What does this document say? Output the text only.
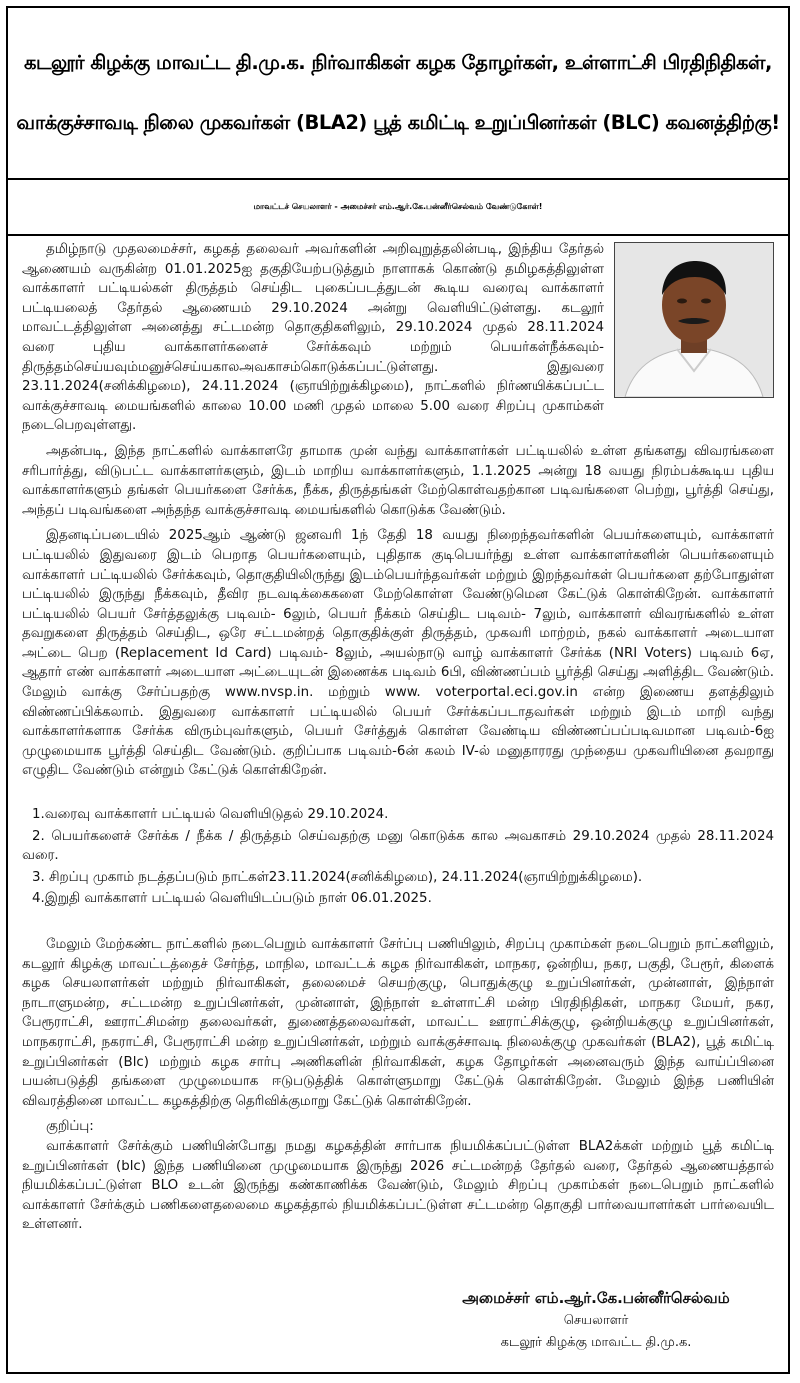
கடலூர் கிழக்கு மாவட்ட தி.மு.க. நிர்வாகிகள் கழக தோழர்கள், உள்ளாட்சி பிரதிநிதிகள்,
வாக்குச்சாவடி நிலை முகவர்கள் (BLA2) பூத் கமிட்டி உறுப்பினர்கள் (BLC) கவனத்திற்கு!
மாவட்டச் செயலாளர் - அமைச்சர் எம்.ஆர்.கே.பன்னீர்செல்வம் வேண்டுகோள்!

தமிழ்நாடு முதலமைச்சர், கழகத் தலைவர் அவர்களின் அறிவுறுத்தலின்படி, இந்திய தேர்தல் ஆணையம் வருகின்ற 01.01.2025ஐ தகுதியேற்படுத்தும் நாளாகக் கொண்டு தமிழகத்திலுள்ள வாக்காளர் பட்டியல்கள் திருத்தம் செய்திட புகைப்படத்துடன் கூடிய வரைவு வாக்காளர் பட்டியலைத் தேர்தல் ஆணையம் 29.10.2024 அன்று வெளியிட்டுள்ளது. கடலூர் மாவட்டத்திலுள்ள அனைத்து சட்டமன்ற தொகுதிகளிலும், 29.10.2024 முதல் 28.11.2024 வரை புதிய வாக்காளர்களைச் சேர்க்கவும் மற்றும் பெயர்கள்நீக்கவும்-திருத்தம்செய்யவும்மனுச்செய்யகாலஅவகாசம்கொடுக்கப்பட்டுள்ளது. இதுவரை 23.11.2024(சனிக்கிழமை), 24.11.2024 (ஞாயிற்றுக்கிழமை), நாட்களில் நிர்ணயிக்கப்பட்ட வாக்குச்சாவடி மையங்களில் காலை 10.00 மணி முதல் மாலை 5.00 வரை சிறப்பு முகாம்கள் நடைபெறவுள்ளது.

அதன்படி, இந்த நாட்களில் வாக்காளரே தாமாக முன் வந்து வாக்காளர்கள் பட்டியலில் உள்ள தங்களது விவரங்களை சரிபார்த்து, விடுபட்ட வாக்காளர்களும், இடம் மாறிய வாக்காளர்களும், 1.1.2025 அன்று 18 வயது நிரம்பக்கூடிய புதிய வாக்காளர்களும் தங்கள் பெயர்களை சேர்க்க, நீக்க, திருத்தங்கள் மேற்கொள்வதற்கான படிவங்களை பெற்று, பூர்த்தி செய்து, அந்தப் படிவங்களை அந்தந்த வாக்குச்சாவடி மையங்களில் கொடுக்க வேண்டும்.

இதனடிப்படையில் 2025ஆம் ஆண்டு ஜனவரி 1ந் தேதி 18 வயது நிறைந்தவர்களின் பெயர்களையும், வாக்காளர் பட்டியலில் இதுவரை இடம் பெறாத பெயர்களையும், புதிதாக குடிபெயர்ந்து உள்ள வாக்காளர்களின் பெயர்களையும் வாக்காளர் பட்டியலில் சேர்க்கவும், தொகுதியிலிருந்து இடம்பெயர்ந்தவர்கள் மற்றும் இறந்தவர்கள் பெயர்களை தற்போதுள்ள பட்டியலில் இருந்து நீக்கவும், தீவிர நடவடிக்கைகளை மேற்கொள்ள வேண்டுமென கேட்டுக் கொள்கிறேன். வாக்காளர் பட்டியலில் பெயர் சேர்த்தலுக்கு படிவம்- 6லும், பெயர் நீக்கம் செய்திட படிவம்- 7லும், வாக்காளர் விவரங்களில் உள்ள தவறுகளை திருத்தம் செய்திட, ஒரே சட்டமன்றத் தொகுதிக்குள் திருத்தம், முகவரி மாற்றம், நகல் வாக்காளர் அடையாள அட்டை பெற (Replacement Id Card) படிவம்- 8லும், அயல்நாடு வாழ் வாக்காளர் சேர்க்க (NRI Voters) படிவம் 6ஏ, ஆதார் எண் வாக்காளர் அடையாள அட்டையுடன் இணைக்க படிவம் 6பி, விண்ணப்பம் பூர்த்தி செய்து அளித்திட வேண்டும். மேலும் வாக்கு சேர்ப்பதற்கு www.nvsp.in. மற்றும் www. voterportal.eci.gov.in என்ற இணைய தளத்திலும் விண்ணப்பிக்கலாம். இதுவரை வாக்காளர் பட்டியலில் பெயர் சேர்க்கப்படாதவர்கள் மற்றும் இடம் மாறி வந்து வாக்காளர்களாக சேர்க்க விரும்புவர்களும், பெயர் சேர்த்துக் கொள்ள வேண்டிய விண்ணப்பப்படிவமான படிவம்-6ஐ முழுமையாக பூர்த்தி செய்திட வேண்டும். குறிப்பாக படிவம்-6ன் கலம் IV-ல் மனுதாரரது முந்தைய முகவரியினை தவறாது எழுதிட வேண்டும் என்றும் கேட்டுக் கொள்கிறேன்.

1.வரைவு வாக்காளர் பட்டியல் வெளியிடுதல் 29.10.2024.
2. பெயர்களைச் சேர்க்க / நீக்க / திருத்தம் செய்வதற்கு மனு கொடுக்க கால அவகாசம் 29.10.2024 முதல் 28.11.2024 வரை.
3. சிறப்பு முகாம் நடத்தப்படும் நாட்கள்23.11.2024(சனிக்கிழமை), 24.11.2024(ஞாயிற்றுக்கிழமை).
4.இறுதி வாக்காளர் பட்டியல் வெளியிடப்படும் நாள் 06.01.2025.

மேலும் மேற்கண்ட நாட்களில் நடைபெறும் வாக்காளர் சேர்ப்பு பணியிலும், சிறப்பு முகாம்கள் நடைபெறும் நாட்களிலும், கடலூர் கிழக்கு மாவட்டத்தைச் சேர்ந்த, மாநில, மாவட்டக் கழக நிர்வாகிகள், மாநகர, ஒன்றிய, நகர, பகுதி, பேரூர், கிளைக் கழக செயலாளர்கள் மற்றும் நிர்வாகிகள், தலைமைச் செயற்குழு, பொதுக்குழு உறுப்பினர்கள், முன்னாள், இந்நாள் நாடாளுமன்ற, சட்டமன்ற உறுப்பினர்கள், முன்னாள், இந்நாள் உள்ளாட்சி மன்ற பிரதிநிதிகள், மாநகர மேயர், நகர, பேரூராட்சி, ஊராட்சிமன்ற தலைவர்கள், துணைத்தலைவர்கள், மாவட்ட ஊராட்சிக்குழு, ஒன்றியக்குழு உறுப்பினர்கள், மாநகராட்சி, நகராட்சி, பேரூராட்சி மன்ற உறுப்பினர்கள், மற்றும் வாக்குச்சாவடி நிலைக்குழு முகவர்கள் (BLA2), பூத் கமிட்டி உறுப்பினர்கள் (Blc) மற்றும் கழக சார்பு அணிகளின் நிர்வாகிகள், கழக தோழர்கள் அனைவரும் இந்த வாய்ப்பினை பயன்படுத்தி தங்களை முழுமையாக ஈடுபடுத்திக் கொள்ளுமாறு கேட்டுக் கொள்கிறேன். மேலும் இந்த பணியின் விவரத்தினை மாவட்ட கழகத்திற்கு தெரிவிக்குமாறு கேட்டுக் கொள்கிறேன்.

குறிப்பு:

வாக்காளர் சேர்க்கும் பணியின்போது நமது கழகத்தின் சார்பாக நியமிக்கப்பட்டுள்ள BLA2க்கள் மற்றும் பூத் கமிட்டி உறுப்பினர்கள் (blc) இந்த பணியினை முழுமையாக இருந்து 2026 சட்டமன்றத் தேர்தல் வரை, தேர்தல் ஆணையத்தால் நியமிக்கப்பட்டுள்ள BLO உடன் இருந்து கண்காணிக்க வேண்டும், மேலும் சிறப்பு முகாம்கள் நடைபெறும் நாட்களில் வாக்காளர் சேர்க்கும் பணிகளைதலைமை கழகத்தால் நியமிக்கப்பட்டுள்ள சட்டமன்ற தொகுதி பார்வையாளர்கள் பார்வையிட உள்ளனர்.

அமைச்சர் எம்.ஆர்.கே.பன்னீர்செல்வம்
செயலாளர்
கடலூர் கிழக்கு மாவட்ட தி.மு.க.
